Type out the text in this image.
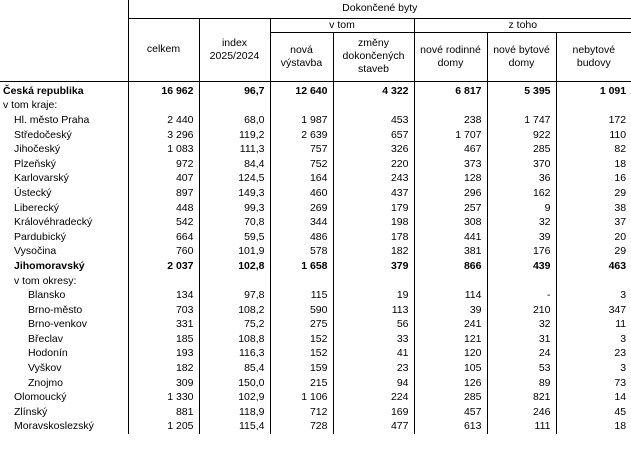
	Dokončené byty						
	celkem	index 2025/2024	v tom		z toho		
			nová výstavba	změny dokončených staveb	nové rodinné domy	nové bytové domy	nebytové budovy
Česká republika	16 962	96,7	12 640	4 322	6 817	5 395	1 091
v tom kraje:							
Hl. město Praha	2 440	68,0	1 987	453	238	1 747	172
Středočeský	3 296	119,2	2 639	657	1 707	922	110
Jihočeský	1 083	111,3	757	326	467	285	82
Plzeňský	972	84,4	752	220	373	370	18
Karlovarský	407	124,5	164	243	128	36	16
Ústecký	897	149,3	460	437	296	162	29
Liberecký	448	99,3	269	179	257	9	38
Královéhradecký	542	70,8	344	198	308	32	37
Pardubický	664	59,5	486	178	441	39	20
Vysočina	760	101,9	578	182	381	176	29
Jihomoravský	2 037	102,8	1 658	379	866	439	463
v tom okresy:							
Blansko	134	97,8	115	19	114	-	3
Brno-město	703	108,2	590	113	39	210	347
Brno-venkov	331	75,2	275	56	241	32	11
Břeclav	185	108,8	152	33	121	31	3
Hodonín	193	116,3	152	41	120	24	23
Vyškov	182	85,4	159	23	105	53	3
Znojmo	309	150,0	215	94	126	89	73
Olomoucký	1 330	102,9	1 106	224	285	821	14
Zlínský	881	118,9	712	169	457	246	45
Moravskoslezský	1 205	115,4	728	477	613	111	18
